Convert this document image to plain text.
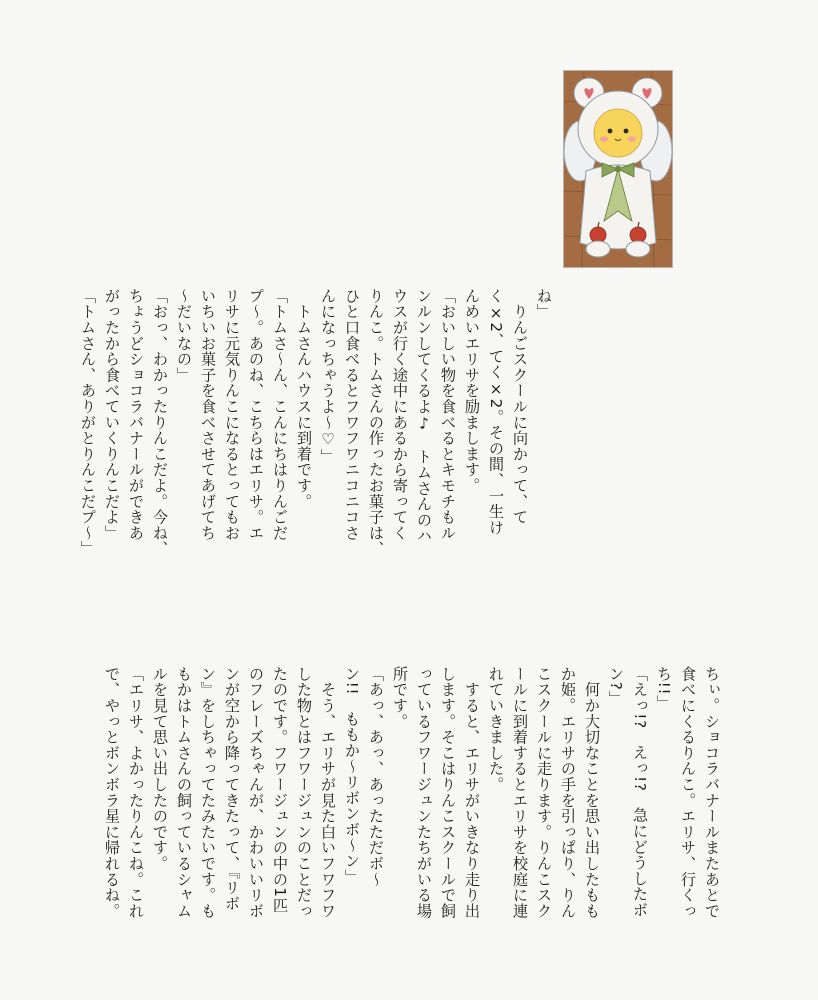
ね」
　りんごスクールに向かって、て
く×2、てく×2。その間、一生け
んめいエリサを励まします。
「おいしい物を食べるとキモチもル
ンルンしてくるよ♪　トムさんのハ
ウスが行く途中にあるから寄ってく
りんこ。トムさんの作ったお菓子は、
ひと口食べるとフワフワニコニコさ
んになっちゃうよ～♡」
　トムさんハウスに到着です。
「トムさ～ん、こんにちはりんごだ
プ～。あのね、こちらはエリサ。エ
リサに元気りんこになるとってもお
いちいお菓子を食べさせてあげてち
～だいなの」
「おっ、わかったりんこだよ。今ね、
ちょうどショコラバナールができあ
がったから食べていくりんこだよ」
「トムさん、ありがとりんこだプ～」
ちぃ。ショコラバナールまたあとで
食べにくるりんこ。エリサ、行くっ
ち!!」
「えっ!?　えっ!?　急にどうしたボ
ン?」
　何か大切なことを思い出したもも
か姫。エリサの手を引っぱり、りん
こスクールに走ります。りんこスク
ールに到着するとエリサを校庭に連
れていきました。
　すると、エリサがいきなり走り出
します。そこはりんこスクールで飼
っているフワージュンたちがいる場
所です。
「あっ、あっ、あったただボ～
ン!!　ももか～リボンボ～ン」
　そう、エリサが見た白いフワフワ
した物とはフワージュンのことだっ
たのです。フワージュンの中の1匹
のフレーズちゃんが、かわいいリボ
ンが空から降ってきたって、『リボ
ン』をしちゃってたみたいです。も
もかはトムさんの飼っているシャム
ルを見て思い出したのです。
「エリサ、よかったりんこね。これ
で、やっとボンボラ星に帰れるね。
